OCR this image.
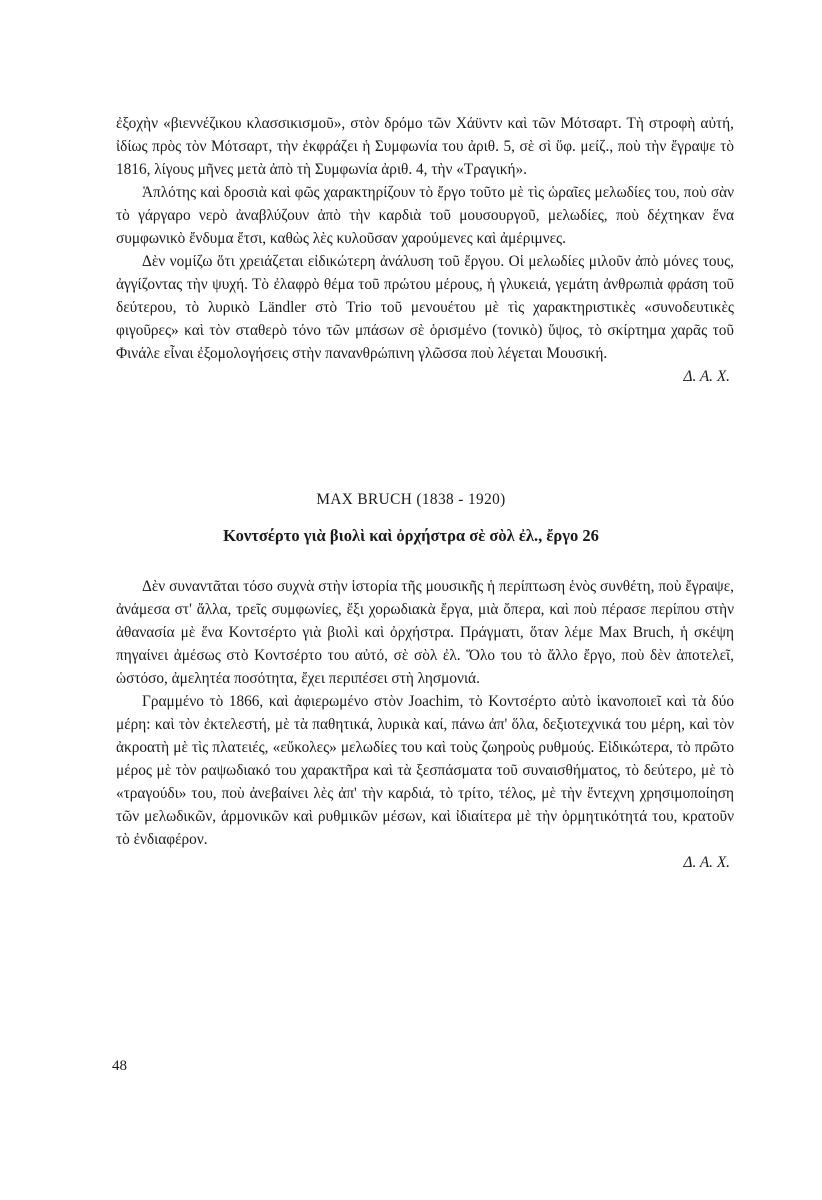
ἐξοχὴν «βιεννέζικου κλασσικισμοῦ», στὸν δρόμο τῶν Χάϋντν καὶ τῶν Μότσαρτ. Τὴ στροφὴ αὐτή, ἰδίως πρὸς τὸν Μότσαρτ, τὴν ἐκφράζει ἡ Συμφωνία του ἀριθ. 5, σὲ σὶ ὕφ. μείζ., ποὺ τὴν ἔγραψε τὸ 1816, λίγους μῆνες μετὰ ἀπὸ τὴ Συμφωνία ἀριθ. 4, τὴν «Τραγική».

Ἁπλότης καὶ δροσιὰ καὶ φῶς χαρακτηρίζουν τὸ ἔργο τοῦτο μὲ τὶς ὡραῖες μελωδίες του, ποὺ σὰν τὸ γάργαρο νερὸ ἀναβλύζουν ἀπὸ τὴν καρδιὰ τοῦ μουσουργοῦ, μελωδίες, ποὺ δέχτηκαν ἕνα συμφωνικὸ ἔνδυμα ἔτσι, καθὼς λὲς κυλοῦσαν χαρούμενες καὶ ἀμέριμνες.

Δὲν νομίζω ὅτι χρειάζεται εἰδικώτερη ἀνάλυση τοῦ ἔργου. Οἱ μελωδίες μιλοῦν ἀπὸ μόνες τους, ἀγγίζοντας τὴν ψυχή. Τὸ ἐλαφρὸ θέμα τοῦ πρώτου μέρους, ἡ γλυκειά, γεμάτη ἀνθρωπιὰ φράση τοῦ δεύτερου, τὸ λυρικὸ Ländler στὸ Trio τοῦ μενουέτου μὲ τὶς χαρακτηριστικὲς «συνοδευτικὲς φιγοῦρες» καὶ τὸν σταθερὸ τόνο τῶν μπάσων σὲ ὁρισμένο (τονικὸ) ὕψος, τὸ σκίρτημα χαρᾶς τοῦ Φινάλε εἶναι ἐξομολογήσεις στὴν πανανθρώπινη γλῶσσα ποὺ λέγεται Μουσική.

Δ. Α. Χ.

MAX BRUCH (1838 - 1920)
Κοντσέρτο γιὰ βιολὶ καὶ ὀρχήστρα σὲ σὸλ ἐλ., ἔργο 26

Δὲν συναντᾶται τόσο συχνὰ στὴν ἱστορία τῆς μουσικῆς ἡ περίπτωση ἑνὸς συνθέτη, ποὺ ἔγραψε, ἀνάμεσα στ' ἄλλα, τρεῖς συμφωνίες, ἔξι χορωδιακὰ ἔργα, μιὰ ὄπερα, καὶ ποὺ πέρασε περίπου στὴν ἀθανασία μὲ ἕνα Κοντσέρτο γιὰ βιολὶ καὶ ὀρχήστρα. Πράγματι, ὅταν λέμε Max Bruch, ἡ σκέψη πηγαίνει ἀμέσως στὸ Κοντσέρτο του αὐτό, σὲ σὸλ ἐλ. Ὅλο του τὸ ἄλλο ἔργο, ποὺ δὲν ἀποτελεῖ, ὡστόσο, ἀμελητέα ποσότητα, ἔχει περιπέσει στὴ λησμονιά.

Γραμμένο τὸ 1866, καὶ ἀφιερωμένο στὸν Joachim, τὸ Κοντσέρτο αὐτὸ ἱκανοποιεῖ καὶ τὰ δύο μέρη: καὶ τὸν ἐκτελεστή, μὲ τὰ παθητικά, λυρικὰ καί, πάνω ἀπ' ὅλα, δεξιοτεχνικά του μέρη, καὶ τὸν ἀκροατὴ μὲ τὶς πλατειές, «εὔκολες» μελωδίες του καὶ τοὺς ζωηροὺς ρυθμούς. Εἰδικώτερα, τὸ πρῶτο μέρος μὲ τὸν ραψωδιακό του χαρακτῆρα καὶ τὰ ξεσπάσματα τοῦ συναισθήματος, τὸ δεύτερο, μὲ τὸ «τραγούδι» του, ποὺ ἀνεβαίνει λὲς ἀπ' τὴν καρδιά, τὸ τρίτο, τέλος, μὲ τὴν ἔντεχνη χρησιμοποίηση τῶν μελωδικῶν, ἁρμονικῶν καὶ ρυθμικῶν μέσων, καὶ ἰδιαίτερα μὲ τὴν ὁρμητικότητά του, κρατοῦν τὸ ἐνδιαφέρον.

Δ. Α. Χ.

48
